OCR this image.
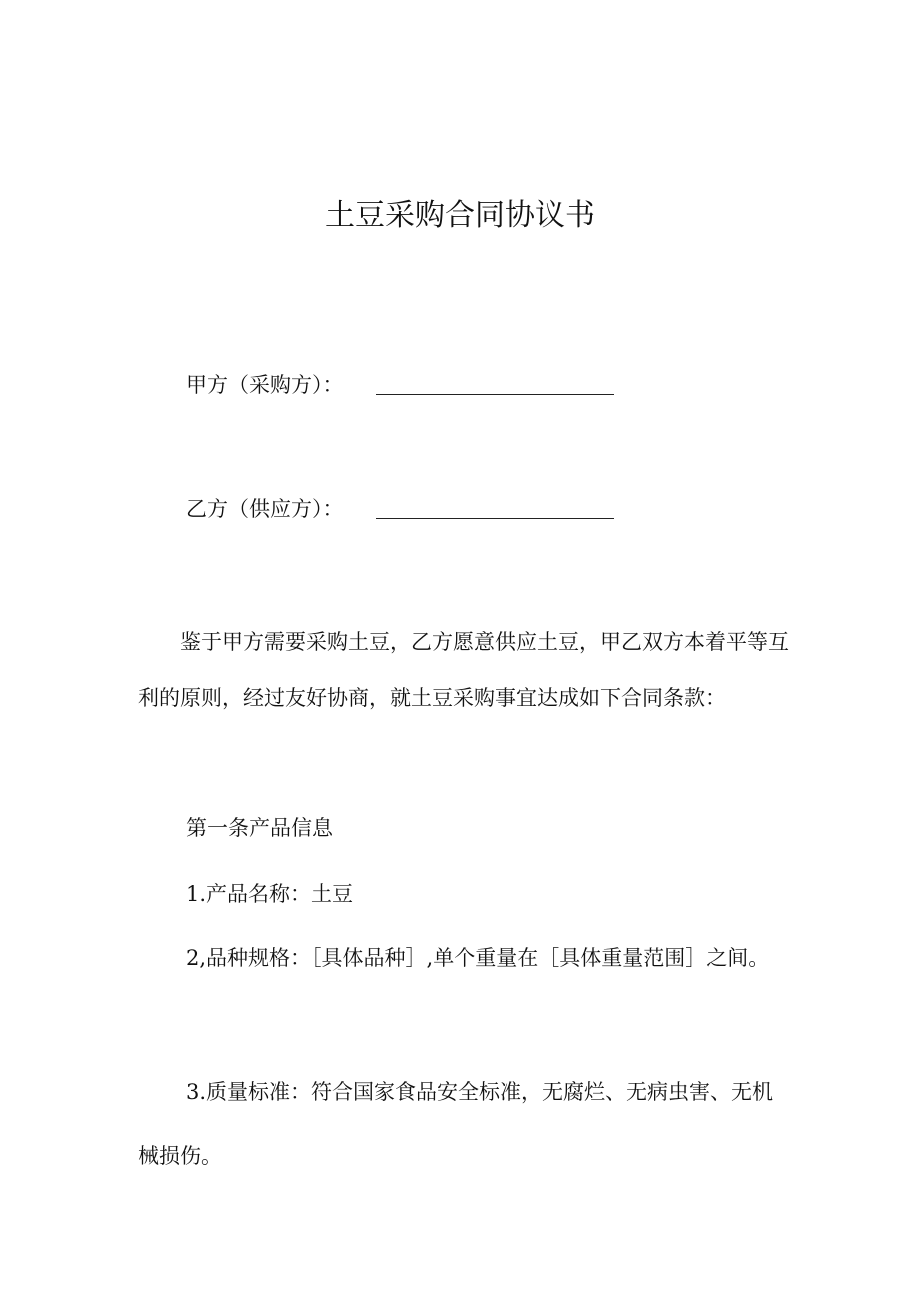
土豆采购合同协议书
甲方（采购方）：
乙方（供应方）：
鉴于甲方需要采购土豆，乙方愿意供应土豆，甲乙双方本着平等互利的原则，经过友好协商，就土豆采购事宜达成如下合同条款：
第一条产品信息
1.产品名称：土豆
2,品种规格：［具体品种］,单个重量在［具体重量范围］之间。
3.质量标准：符合国家食品安全标准，无腐烂、无病虫害、无机械损伤。
